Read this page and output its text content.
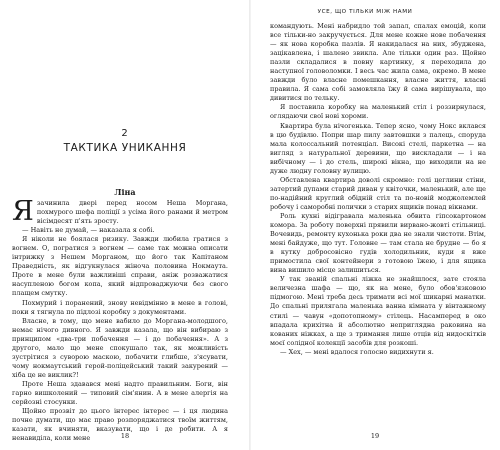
2
ТАКТИКА УНИКАННЯ
Ліна

Язачинила двері перед носом Неша Моргана, похмурого шефа поліції з усіма його ранами й метром вісімдесят п'ять зросту.

— Навіть не думай, — наказала я собі.

Я ніколи не боялася ризику. Завжди любила гратися з вогнем. О, погратися з вогнем — саме так можна описати інтрижку з Нешем Морганом, що його так Капітаном Праведність, як відгукнулася жіноча половина Нокмаута. Проте в мене були важливіші справи, аніж розважатися насупленою богом копа, який відпроваджуючи без свого плащем смутку.

Похмурий і поранений, знову невідмінно в мене в голові, поки я тягнула по підлозі коробку з документами.

Власне, в тому, що мене вабило до Моргана-молодшого, немає нічого дивного. Я завжди казала, що він вибираю з принципом «два-три побачення — і до побачення». А з другого, мало що мене спокушало так, як можливість зустрітися з суворою маскою, побачити глибше, з'ясувати, чому нокмаутський герой-поліцейський такий закурений — хіба це не виклик?!

Проте Неша здавався мені надто правильним. Боги, він гарно вишколений — типовий сім'янин. А в мене алергія на серйозні стосунки.

Щойно прозвіт до цього інтерес інтерес — і ця людина почне думати, що має право розпоряджатися твоїм життям, казати, як вчиняти, вказувати, що і де робити. А я ненавиділа, коли мене	18
УСЕ, ЩО ТІЛЬКИ МІЖ НАМИ

командують. Мені набридло той запал, спалах емоцій, коли все тільки-но закручується. Для мене кожне нове побачення — як нова коробка пазлів. Я накидалася на них, збуджена, зацікавлена, і шалено звикла. Але тільки один раз. Щойно пазли складалися в повну картинку, я переходила до наступної головоломки. І весь час жила сама, окремо. В мене завжди було власне помешкання, власне життя, власні правила. Я сама собі замовляла їжу й сама вирішувала, що дивитися по тельку.

Я поставила коробку на маленький стіл і роззирнулася, оглядаючи свої нові хороми.

Квартира була нічогенька. Тепер ясно, чому Нокс вклався в цю будівлю. Попри шар пилу завтовшки з палець, спорудa мала колоссальний потенціал. Високі стелі, паркетна — на вигляд з натуральної деревини, що вискладали — і на вибічному — і до стель, широкі вікна, що виходили на не дуже людну головну вулицю.

Обставлена квартира доволі скромно: голі цеглини стіни, затертий дупами старий диван у квіточки, маленький, але ще по-надійний круглий обідній стіл та по-новій моджолемлей робочу і саморобні полички з старих ящиків понад вікнами.

Роль кухні відігравала маленька обвита гіпсокартоном комора. За роботу поверхні прявили вирвано-жовті стільниці. Вочевидь, ремонту кухонька роки два не знали чистоти. Втім, мені байдуже, що тут. Головне — там стала не брудне — бо я в кутку добросовісно гудів холодильник, куди я вже примостила свої контейнери з готовою їжею, і для ящика вина вишило місце залишиться.

У так званій спальні ліжка не знайшлося, зате стояла величезна шафа — що, як на мене, було обов'язковою підмогою. Мені треба десь тримати всі мої шикарні манатки. До спальні прилягала маленька ванна кімната у вінтажному стилі — чавун «допотопному» стілець. Насамперед в око впадала крихітна й абсолютно неприглядна раковина на кованих ніжках, а ще з тримання лише отців від нидоскітків моєї солідної колекції засобів для розкоші.

— Хех, — мені вдалося голосно видихнути я.

19
